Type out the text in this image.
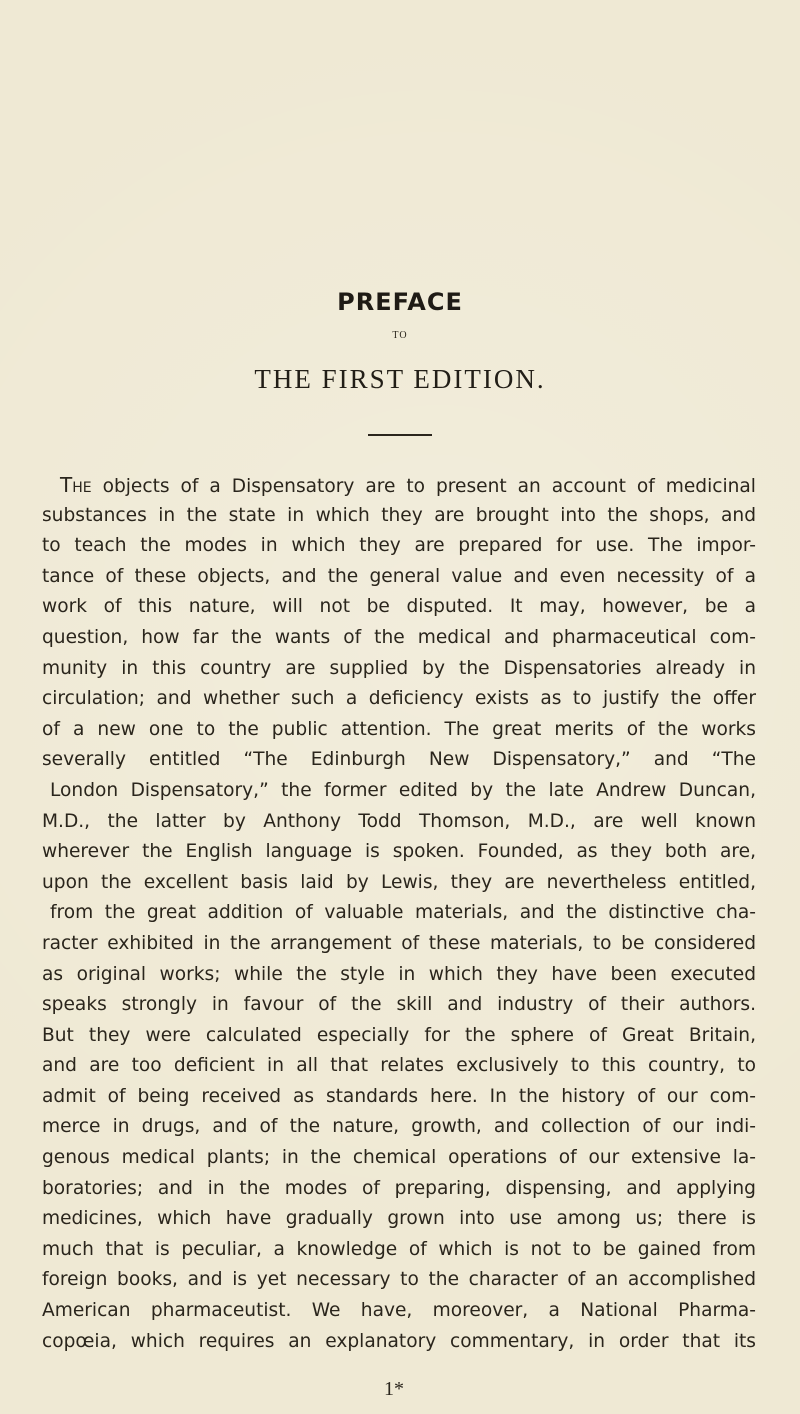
PREFACE
TO
THE FIRST EDITION.
The objects of a Dispensatory are to present an account of medicinal
substances in the state in which they are brought into the shops, and
to teach the modes in which they are prepared for use. The impor-
tance of these objects, and the general value and even necessity of a
work of this nature, will not be disputed. It may, however, be a
question, how far the wants of the medical and pharmaceutical com-
munity in this country are supplied by the Dispensatories already in
circulation; and whether such a deficiency exists as to justify the offer
of a new one to the public attention. The great merits of the works
severally entitled “The Edinburgh New Dispensatory,” and “The
London Dispensatory,” the former edited by the late Andrew Duncan,
M.D., the latter by Anthony Todd Thomson, M.D., are well known
wherever the English language is spoken. Founded, as they both are,
upon the excellent basis laid by Lewis, they are nevertheless entitled,
from the great addition of valuable materials, and the distinctive cha-
racter exhibited in the arrangement of these materials, to be considered
as original works; while the style in which they have been executed
speaks strongly in favour of the skill and industry of their authors.
But they were calculated especially for the sphere of Great Britain,
and are too deficient in all that relates exclusively to this country, to
admit of being received as standards here. In the history of our com-
merce in drugs, and of the nature, growth, and collection of our indi-
genous medical plants; in the chemical operations of our extensive la-
boratories; and in the modes of preparing, dispensing, and applying
medicines, which have gradually grown into use among us; there is
much that is peculiar, a knowledge of which is not to be gained from
foreign books, and is yet necessary to the character of an accomplished
American pharmaceutist. We have, moreover, a National Pharma-
copœia, which requires an explanatory commentary, in order that its
1*
